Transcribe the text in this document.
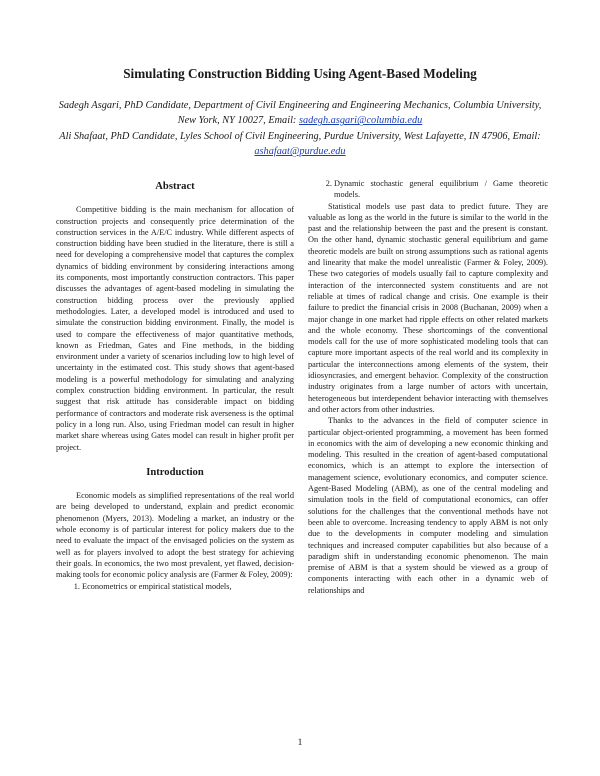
Simulating Construction Bidding Using Agent-Based Modeling
Sadegh Asgari, PhD Candidate, Department of Civil Engineering and Engineering Mechanics, Columbia University, New York, NY 10027, Email: sadegh.asgari@columbia.edu
Ali Shafaat, PhD Candidate, Lyles School of Civil Engineering, Purdue University, West Lafayette, IN 47906, Email: ashafaat@purdue.edu
Abstract

Competitive bidding is the main mechanism for allocation of construction projects and consequently price determination of the construction services in the A/E/C industry. While different aspects of construction bidding have been studied in the literature, there is still a need for developing a comprehensive model that captures the complex dynamics of bidding environment by considering interactions among its components, most importantly construction contractors. This paper discusses the advantages of agent-based modeling in simulating the construction bidding process over the previously applied methodologies. Later, a developed model is introduced and used to simulate the construction bidding environment. Finally, the model is used to compare the effectiveness of major quantitative methods, known as Friedman, Gates and Fine methods, in the bidding environment under a variety of scenarios including low to high level of uncertainty in the estimated cost. This study shows that agent-based modeling is a powerful methodology for simulating and analyzing complex construction bidding environment. In particular, the result suggest that risk attitude has considerable impact on bidding performance of contractors and moderate risk averseness is the optimal policy in a long run. Also, using Friedman model can result in higher market share whereas using Gates model can result in higher profit per project.

Introduction

Economic models as simplified representations of the real world are being developed to understand, explain and predict economic phenomenon (Myers, 2013). Modeling a market, an industry or the whole economy is of particular interest for policy makers due to the need to evaluate the impact of the envisaged policies on the system as well as for players involved to adopt the best strategy for achieving their goals. In economics, the two most prevalent, yet flawed, decision-making tools for economic policy analysis are (Farmer & Foley, 2009):

1. Econometrics or empirical statistical models,
2. Dynamic stochastic general equilibrium / Game theoretic models.

Statistical models use past data to predict future. They are valuable as long as the world in the future is similar to the world in the past and the relationship between the past and the present is constant. On the other hand, dynamic stochastic general equilibrium and game theoretic models are built on strong assumptions such as rational agents and linearity that make the model unrealistic (Farmer & Foley, 2009). These two categories of models usually fail to capture complexity and interaction of the interconnected system constituents and are not reliable at times of radical change and crisis. One example is their failure to predict the financial crisis in 2008 (Buchanan, 2009) when a major change in one market had ripple effects on other related markets and the whole economy. These shortcomings of the conventional models call for the use of more sophisticated modeling tools that can capture more important aspects of the real world and its complexity in particular the interconnections among elements of the system, their idiosyncrasies, and emergent behavior. Complexity of the construction industry originates from a large number of actors with uncertain, heterogeneous but interdependent behavior interacting with themselves and other actors from other industries.

Thanks to the advances in the field of computer science in particular object-oriented programming, a movement has been formed in economics with the aim of developing a new economic thinking and modeling. This resulted in the creation of agent-based computational economics, which is an attempt to explore the intersection of management science, evolutionary economics, and computer science. Agent-Based Modeling (ABM), as one of the central modeling and simulation tools in the field of computational economics, can offer solutions for the challenges that the conventional methods have not been able to overcome. Increasing tendency to apply ABM is not only due to the developments in computer modeling and simulation techniques and increased computer capabilities but also because of a paradigm shift in understanding economic phenomenon. The main premise of ABM is that a system should be viewed as a group of components interacting with each other in a dynamic web of relationships and

1
